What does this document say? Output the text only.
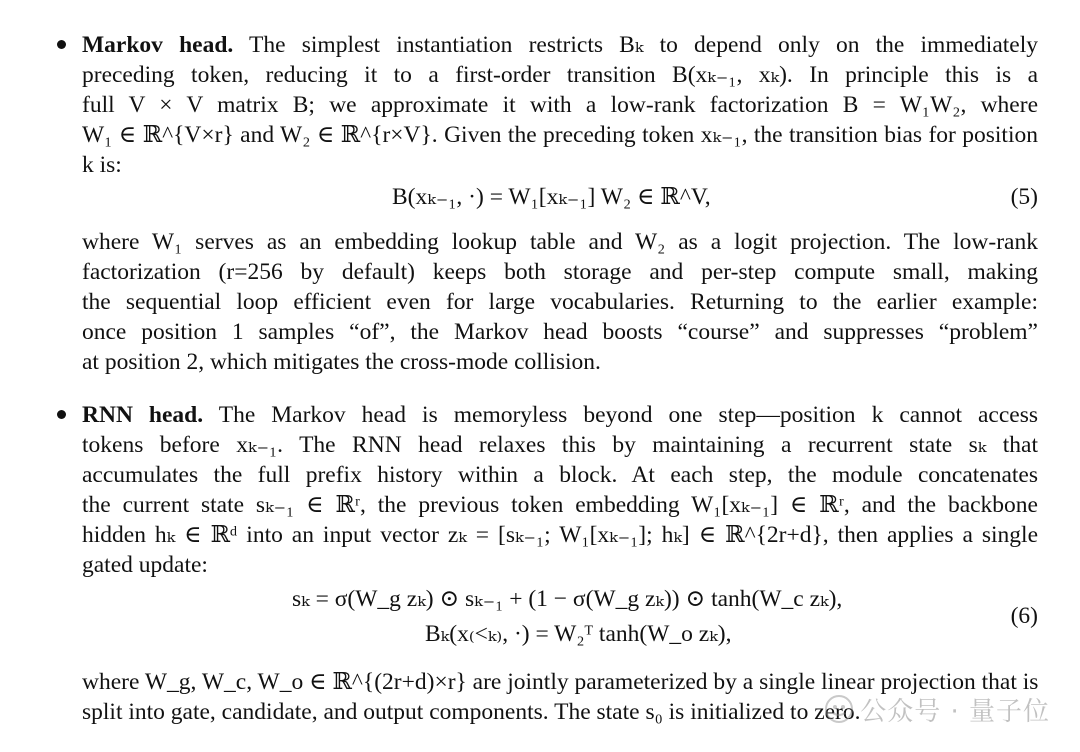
Markov head. The simplest instantiation restricts Bₖ to depend only on the immediately
preceding token, reducing it to a first-order transition B(xₖ₋₁, xₖ). In principle this is a
full V × V matrix B; we approximate it with a low-rank factorization B = W₁W₂, where
W₁ ∈ ℝ^{V×r} and W₂ ∈ ℝ^{r×V}. Given the preceding token xₖ₋₁, the transition bias for position
k is:
B(xₖ₋₁, ·) = W₁[xₖ₋₁] W₂ ∈ ℝ^V,	(5)
where W₁ serves as an embedding lookup table and W₂ as a logit projection. The low-rank
factorization (r=256 by default) keeps both storage and per-step compute small, making
the sequential loop efficient even for large vocabularies. Returning to the earlier example:
once position 1 samples “of”, the Markov head boosts “course” and suppresses “problem”
at position 2, which mitigates the cross-mode collision.
RNN head. The Markov head is memoryless beyond one step—position k cannot access
tokens before xₖ₋₁. The RNN head relaxes this by maintaining a recurrent state sₖ that
accumulates the full prefix history within a block. At each step, the module concatenates
the current state sₖ₋₁ ∈ ℝʳ, the previous token embedding W₁[xₖ₋₁] ∈ ℝʳ, and the backbone
hidden hₖ ∈ ℝᵈ into an input vector zₖ = [sₖ₋₁; W₁[xₖ₋₁]; hₖ] ∈ ℝ^{2r+d}, then applies a single
gated update:
sₖ = σ(W_g zₖ) ⊙ sₖ₋₁ + (1 − σ(W_g zₖ)) ⊙ tanh(W_c zₖ),
Bₖ(x₍<ₖ₎, ·) = W₂ᵀ tanh(W_o zₖ),
(6)
where W_g, W_c, W_o ∈ ℝ^{(2r+d)×r} are jointly parameterized by a single linear projection that is
split into gate, candidate, and output components. The state s₀ is initialized to zero. 公众号 · 量子位
